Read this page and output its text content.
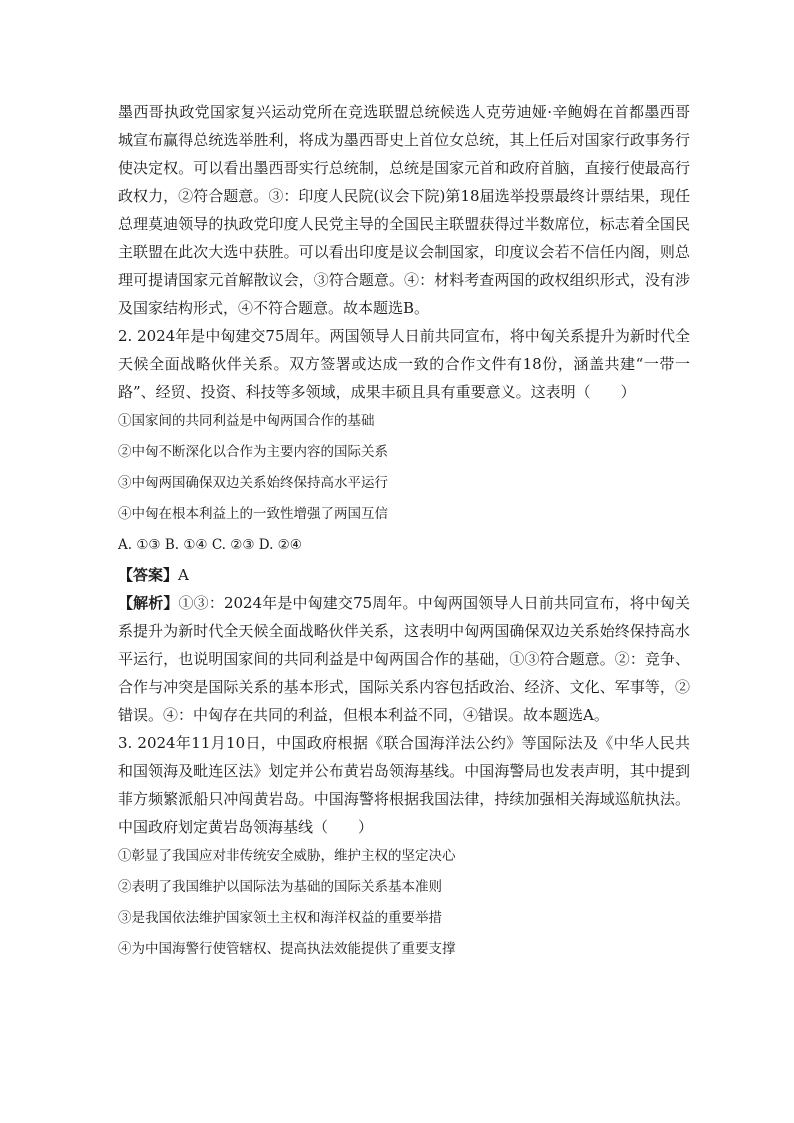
墨西哥执政党国家复兴运动党所在竞选联盟总统候选人克劳迪娅·辛鲍姆在首都墨西哥城宣布赢得总统选举胜利，将成为墨西哥史上首位女总统，其上任后对国家行政事务行使决定权。可以看出墨西哥实行总统制，总统是国家元首和政府首脑，直接行使最高行政权力，②符合题意。③：印度人民院(议会下院)第18届选举投票最终计票结果，现任总理莫迪领导的执政党印度人民党主导的全国民主联盟获得过半数席位，标志着全国民主联盟在此次大选中获胜。可以看出印度是议会制国家，印度议会若不信任内阁，则总理可提请国家元首解散议会，③符合题意。④：材料考查两国的政权组织形式，没有涉及国家结构形式，④不符合题意。故本题选B。

2. 2024年是中匈建交75周年。两国领导人日前共同宣布，将中匈关系提升为新时代全天候全面战略伙伴关系。双方签署或达成一致的合作文件有18份，涵盖共建“一带一路”、经贸、投资、科技等多领域，成果丰硕且具有重要意义。这表明（　　）

①国家间的共同利益是中匈两国合作的基础

②中匈不断深化以合作为主要内容的国际关系

③中匈两国确保双边关系始终保持高水平运行

④中匈在根本利益上的一致性增强了两国互信

A. ①③ B. ①④ C. ②③ D. ②④

【答案】A

【解析】①③：2024年是中匈建交75周年。中匈两国领导人日前共同宣布，将中匈关系提升为新时代全天候全面战略伙伴关系，这表明中匈两国确保双边关系始终保持高水平运行，也说明国家间的共同利益是中匈两国合作的基础，①③符合题意。②：竞争、合作与冲突是国际关系的基本形式，国际关系内容包括政治、经济、文化、军事等，②错误。④：中匈存在共同的利益，但根本利益不同，④错误。故本题选A。

3. 2024年11月10日，中国政府根据《联合国海洋法公约》等国际法及《中华人民共和国领海及毗连区法》划定并公布黄岩岛领海基线。中国海警局也发表声明，其中提到菲方频繁派船只冲闯黄岩岛。中国海警将根据我国法律，持续加强相关海域巡航执法。中国政府划定黄岩岛领海基线（　　）

①彰显了我国应对非传统安全威胁，维护主权的坚定决心

②表明了我国维护以国际法为基础的国际关系基本准则

③是我国依法维护国家领土主权和海洋权益的重要举措

④为中国海警行使管辖权、提高执法效能提供了重要支撑
